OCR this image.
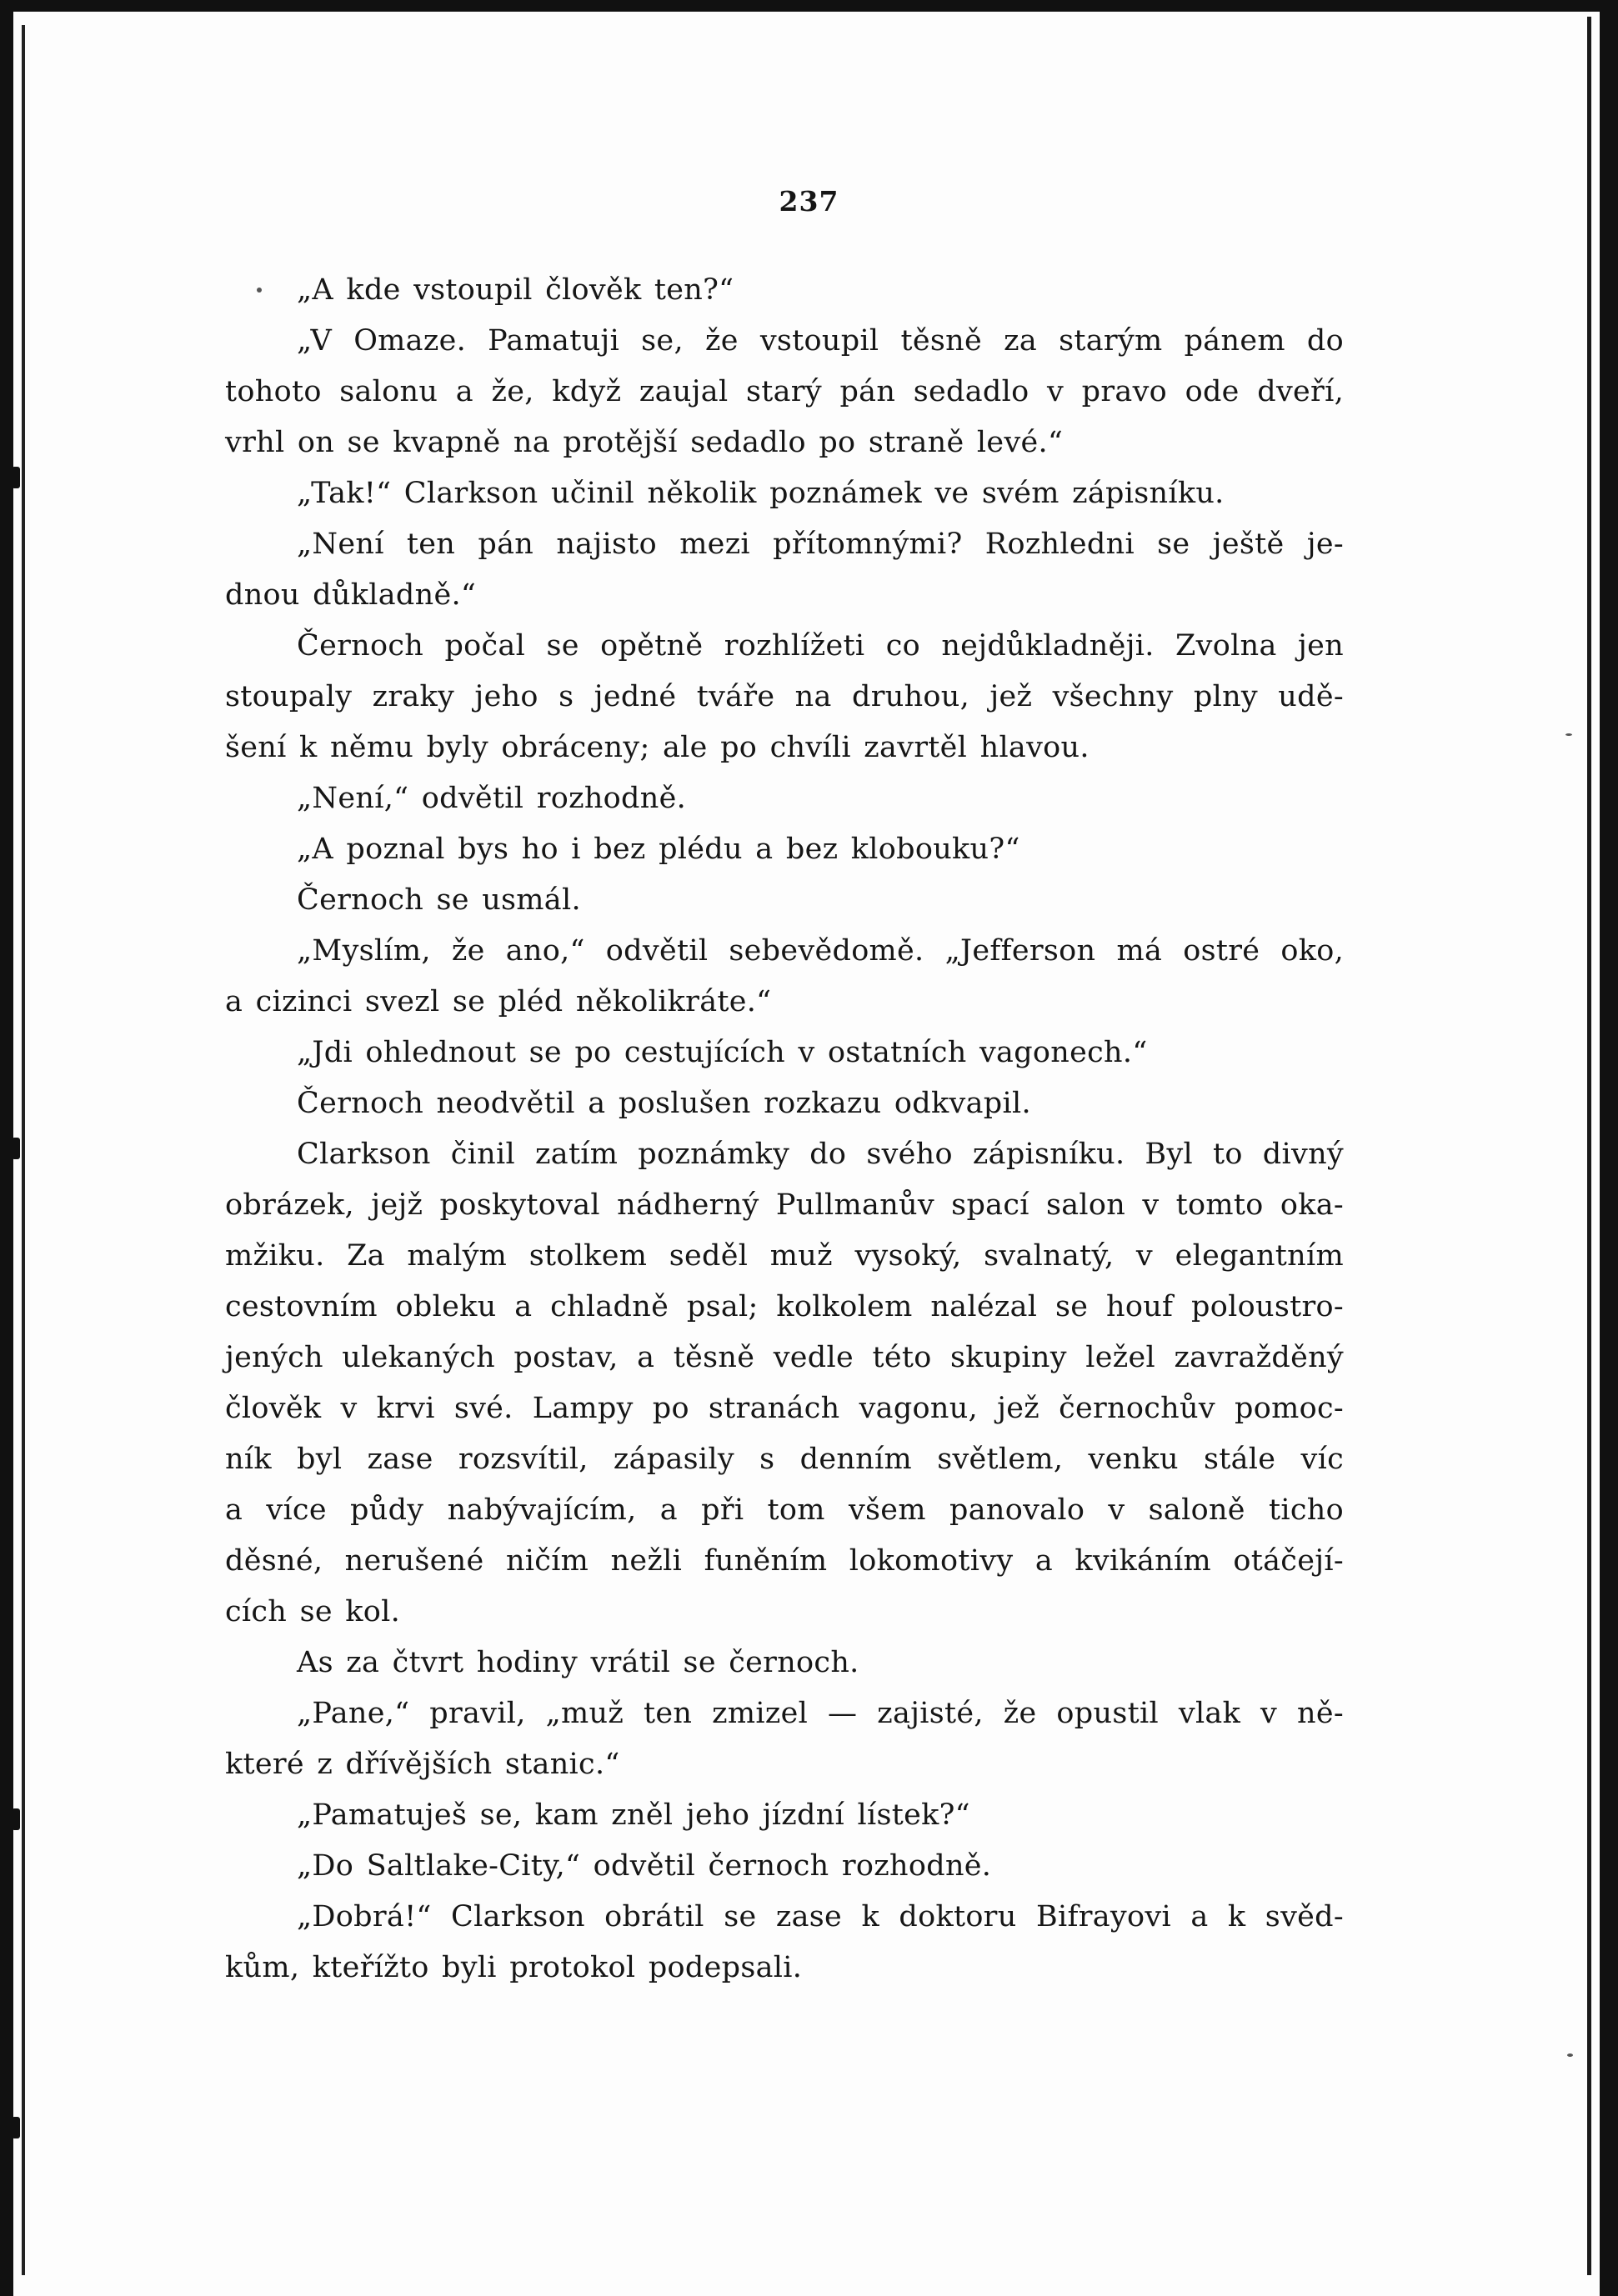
237
„A kde vstoupil člověk ten?“
„V Omaze. Pamatuji se, že vstoupil těsně za starým pánem do
tohoto salonu a že, když zaujal starý pán sedadlo v pravo ode dveří,
vrhl on se kvapně na protější sedadlo po straně levé.“
„Tak!“ Clarkson učinil několik poznámek ve svém zápisníku.
„Není ten pán najisto mezi přítomnými? Rozhledni se ještě je-
dnou důkladně.“
Černoch počal se opětně rozhlížeti co nejdůkladněji. Zvolna jen
stoupaly zraky jeho s jedné tváře na druhou, jež všechny plny udě-
šení k němu byly obráceny; ale po chvíli zavrtěl hlavou.
„Není,“ odvětil rozhodně.
„A poznal bys ho i bez plédu a bez klobouku?“
Černoch se usmál.
„Myslím, že ano,“ odvětil sebevědomě. „Jefferson má ostré oko,
a cizinci svezl se pléd několikráte.“
„Jdi ohlednout se po cestujících v ostatních vagonech.“
Černoch neodvětil a poslušen rozkazu odkvapil.
Clarkson činil zatím poznámky do svého zápisníku. Byl to divný
obrázek, jejž poskytoval nádherný Pullmanův spací salon v tomto oka-
mžiku. Za malým stolkem seděl muž vysoký, svalnatý, v elegantním
cestovním obleku a chladně psal; kolkolem nalézal se houf poloustro-
jených ulekaných postav, a těsně vedle této skupiny ležel zavražděný
člověk v krvi své. Lampy po stranách vagonu, jež černochův pomoc-
ník byl zase rozsvítil, zápasily s denním světlem, venku stále víc
a více půdy nabývajícím, a při tom všem panovalo v saloně ticho
děsné, nerušené ničím nežli funěním lokomotivy a kvikáním otáčejí-
cích se kol.
As za čtvrt hodiny vrátil se černoch.
„Pane,“ pravil, „muž ten zmizel — zajisté, že opustil vlak v ně-
které z dřívějších stanic.“
„Pamatuješ se, kam zněl jeho jízdní lístek?“
„Do Saltlake-City,“ odvětil černoch rozhodně.
„Dobrá!“ Clarkson obrátil se zase k doktoru Bifrayovi a k svěd-
kům, kteřížto byli protokol podepsali.
